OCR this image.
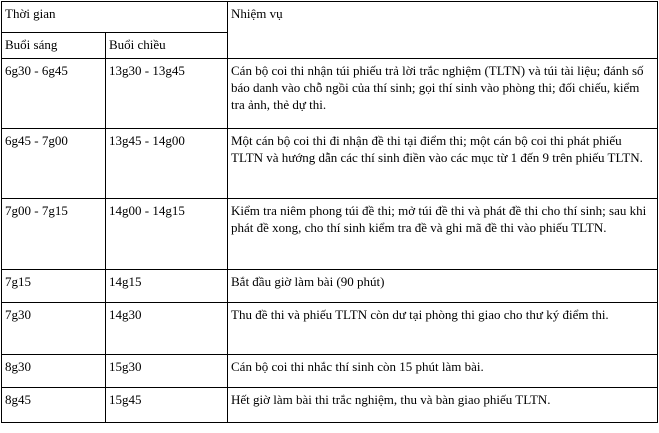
Thời gian		Nhiệm vụ
Buổi sáng	Buổi chiều	
6g30 - 6g45	13g30 - 13g45	Cán bộ coi thi nhận túi phiếu trả lời trắc nghiệm (TLTN) và túi tài liệu; đánh số báo danh vào chỗ ngồi của thí sinh; gọi thí sinh vào phòng thi; đối chiếu, kiểm tra ảnh, thẻ dự thi.
6g45 - 7g00	13g45 - 14g00	Một cán bộ coi thi đi nhận đề thi tại điểm thi; một cán bộ coi thi phát phiếu TLTN và hướng dẫn các thí sinh điền vào các mục từ 1 đến 9 trên phiếu TLTN.
7g00 - 7g15	14g00 - 14g15	Kiểm tra niêm phong túi đề thi; mở túi đề thi và phát đề thi cho thí sinh; sau khi phát đề xong, cho thí sinh kiểm tra đề và ghi mã đề thi vào phiếu TLTN.
7g15	14g15	Bắt đầu giờ làm bài (90 phút)
7g30	14g30	Thu đề thi và phiếu TLTN còn dư tại phòng thi giao cho thư ký điểm thi.
8g30	15g30	Cán bộ coi thi nhắc thí sinh còn 15 phút làm bài.
8g45	15g45	Hết giờ làm bài thi trắc nghiệm, thu và bàn giao phiếu TLTN.
